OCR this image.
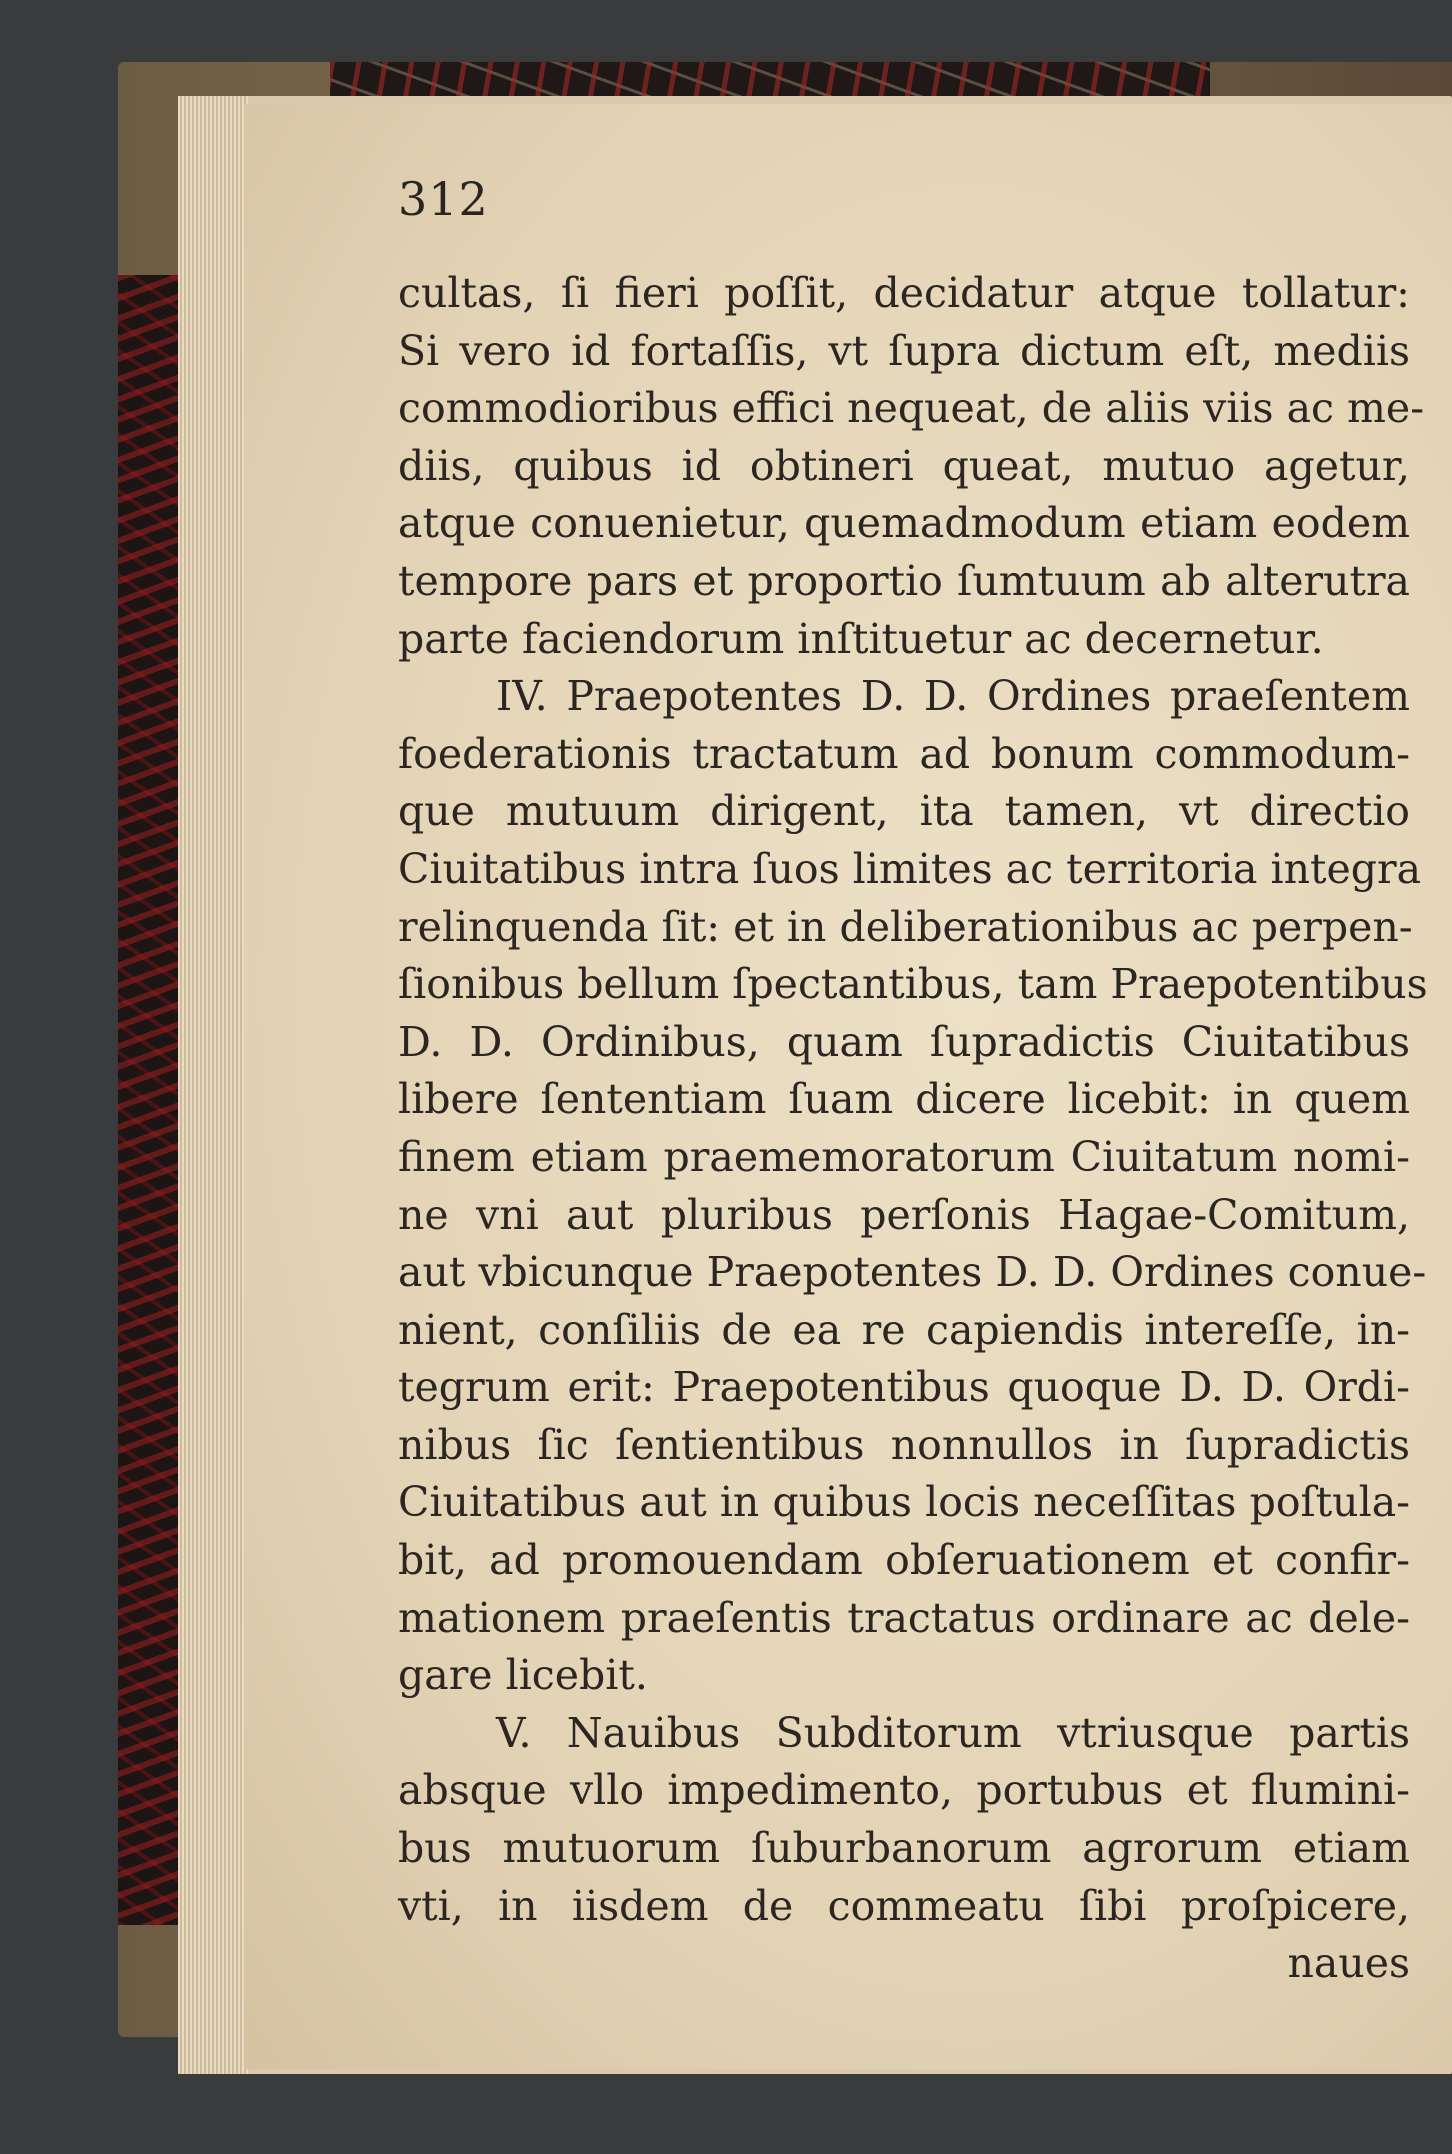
312

cultas, ſi fieri poſſit, decidatur atque tollatur:
Si vero id fortaſſis, vt ſupra dictum eſt, mediis
commodioribus effici nequeat, de aliis viis ac me-
diis, quibus id obtineri queat, mutuo agetur,
atque conuenietur, quemadmodum etiam eodem
tempore pars et proportio ſumtuum ab alterutra
parte faciendorum inſtituetur ac decernetur.
IV. Praepotentes D. D. Ordines praeſentem
foederationis tractatum ad bonum commodum-
que mutuum dirigent, ita tamen, vt directio
Ciuitatibus intra ſuos limites ac territoria integra
relinquenda ſit: et in deliberationibus ac perpen-
ſionibus bellum ſpectantibus, tam Praepotentibus
D. D. Ordinibus, quam ſupradictis Ciuitatibus
libere ſententiam ſuam dicere licebit: in quem
finem etiam praememoratorum Ciuitatum nomi-
ne vni aut pluribus perſonis Hagae-Comitum,
aut vbicunque Praepotentes D. D. Ordines conue-
nient, conſiliis de ea re capiendis intereſſe, in-
tegrum erit: Praepotentibus quoque D. D. Ordi-
nibus ſic ſentientibus nonnullos in ſupradictis
Ciuitatibus aut in quibus locis neceſſitas poſtula-
bit, ad promouendam obſeruationem et confir-
mationem praeſentis tractatus ordinare ac dele-
gare licebit.
V. Nauibus Subditorum vtriusque partis
absque vllo impedimento, portubus et flumini-
bus mutuorum ſuburbanorum agrorum etiam
vti, in iisdem de commeatu ſibi proſpicere,
naues
